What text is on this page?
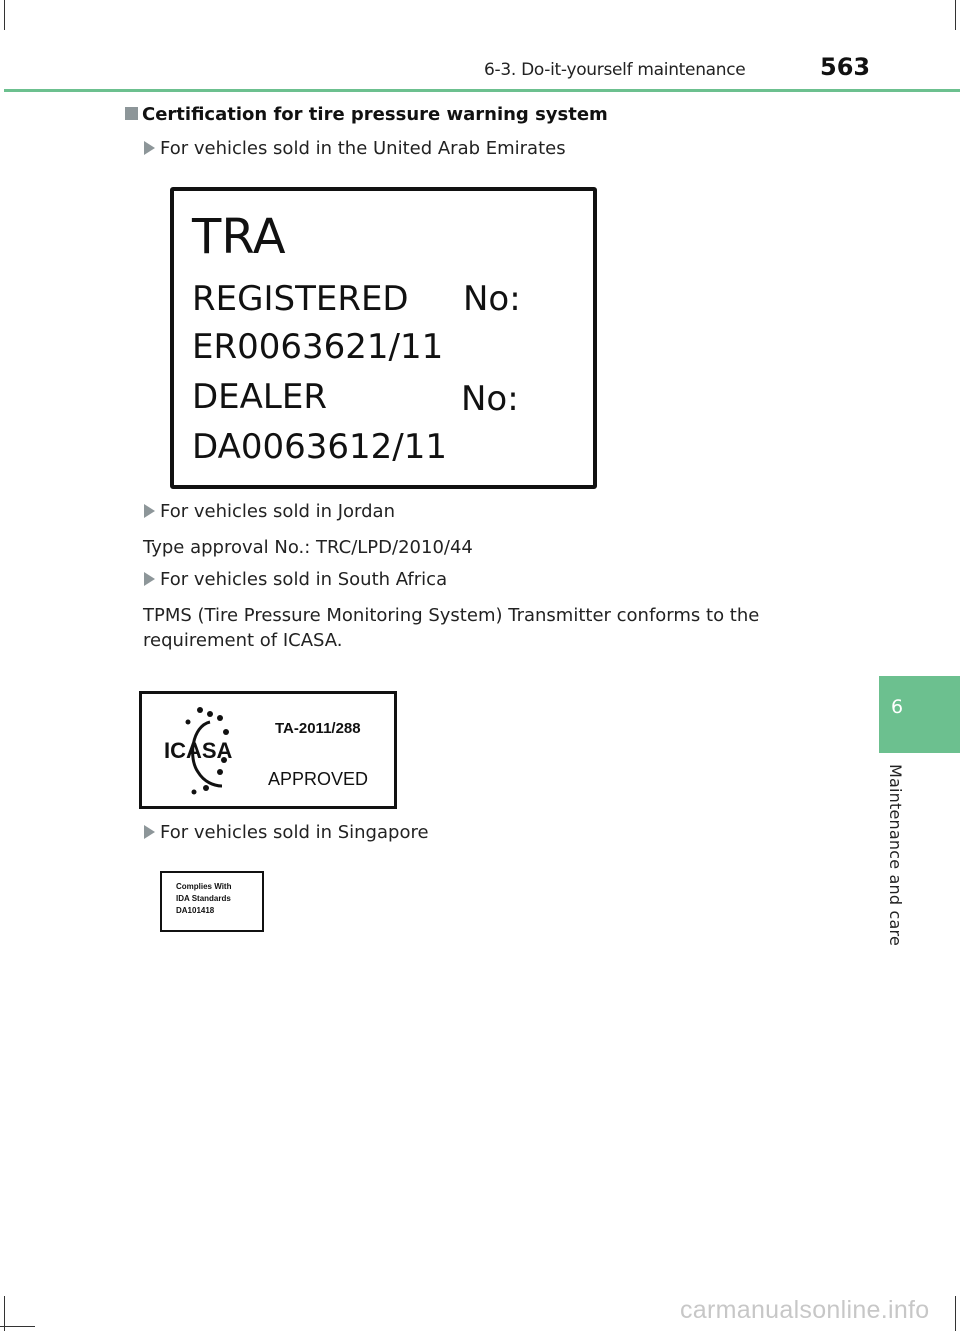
6-3. Do-it-yourself maintenance	563
6
Maintenance and care
Certification for tire pressure warning system
For vehicles sold in the United Arab Emirates
TRA
REGISTERED No:
ER0063621/11
DEALER	No:
DA0063612/11
For vehicles sold in Jordan
Type approval No.: TRC/LPD/2010/44
For vehicles sold in South Africa
TPMS (Tire Pressure Monitoring System) Transmitter conforms to the requirement of ICASA.
ICASA
TA-2011/288
APPROVED
For vehicles sold in Singapore
Complies With
IDA Standards
DA101418
carmanualsonline.info
